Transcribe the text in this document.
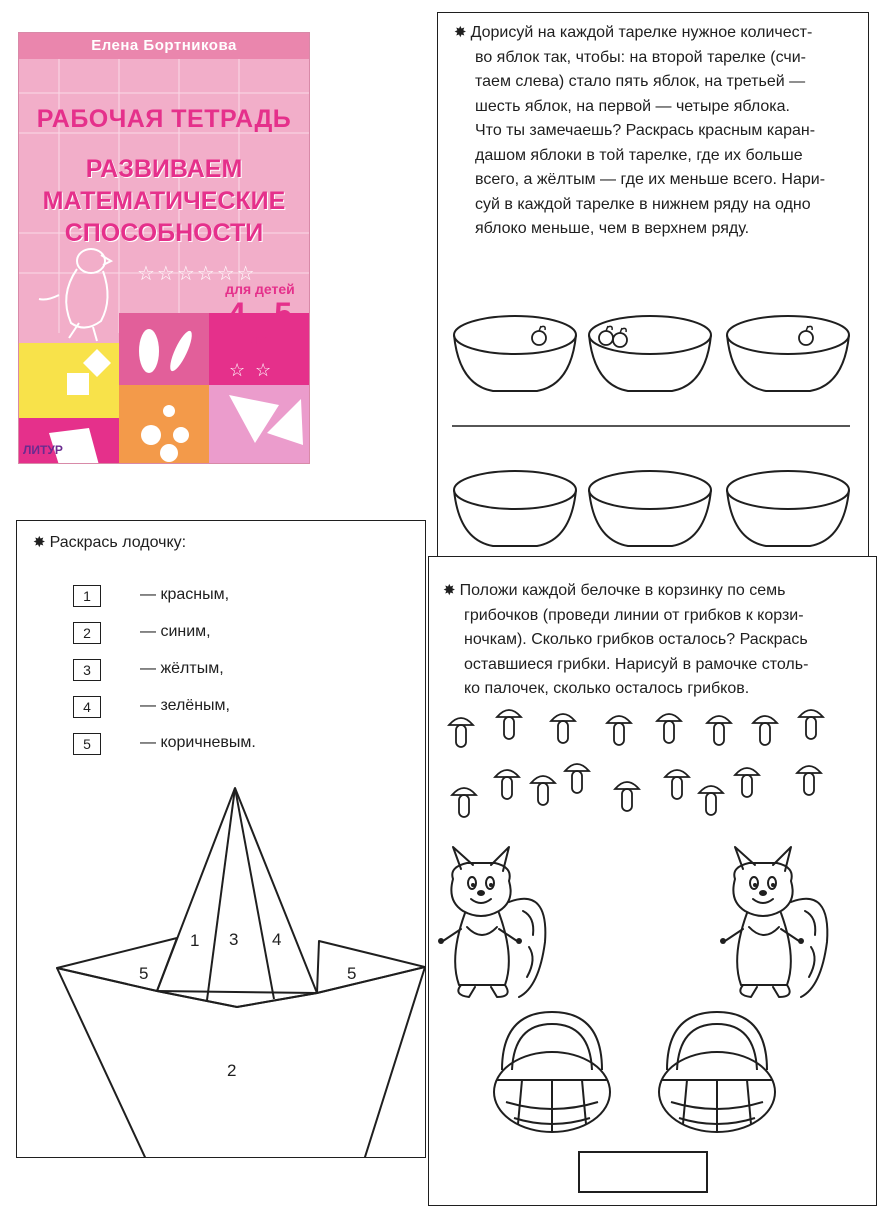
☆ ☆
Елена Бортникова
РАБОЧАЯ ТЕТРАДЬ
РАЗВИВАЕМ
МАТЕМАТИЧЕСКИЕ
СПОСОБНОСТИ
☆☆☆☆☆☆
для детей
4 - 5
лет
ЛИТУР
✸ Дорисуй на каждой тарелке нужное количест-
во яблок так, чтобы: на второй тарелке (счи-
таем слева) стало пять яблок, на третьей —
шесть яблок, на первой — четыре яблока.
Что ты замечаешь? Раскрась красным каран-
дашом яблоки в той тарелке, где их больше
всего, а жёлтым — где их меньше всего. Нари-
суй в каждой тарелке в нижнем ряду на одно
яблоко меньше, чем в верхнем ряду.
✸ Раскрась лодочку:
1	— красным,
2	— синим,
3	— жёлтым,
4	— зелёным,
5	— коричневым.
1 3 4
5	5
2
✸ Положи каждой белочке в корзинку по семь
грибочков (проведи линии от грибков к корзи-
ночкам). Сколько грибков осталось? Раскрась
оставшиеся грибки. Нарисуй в рамочке столь-
ко палочек, сколько осталось грибков.
